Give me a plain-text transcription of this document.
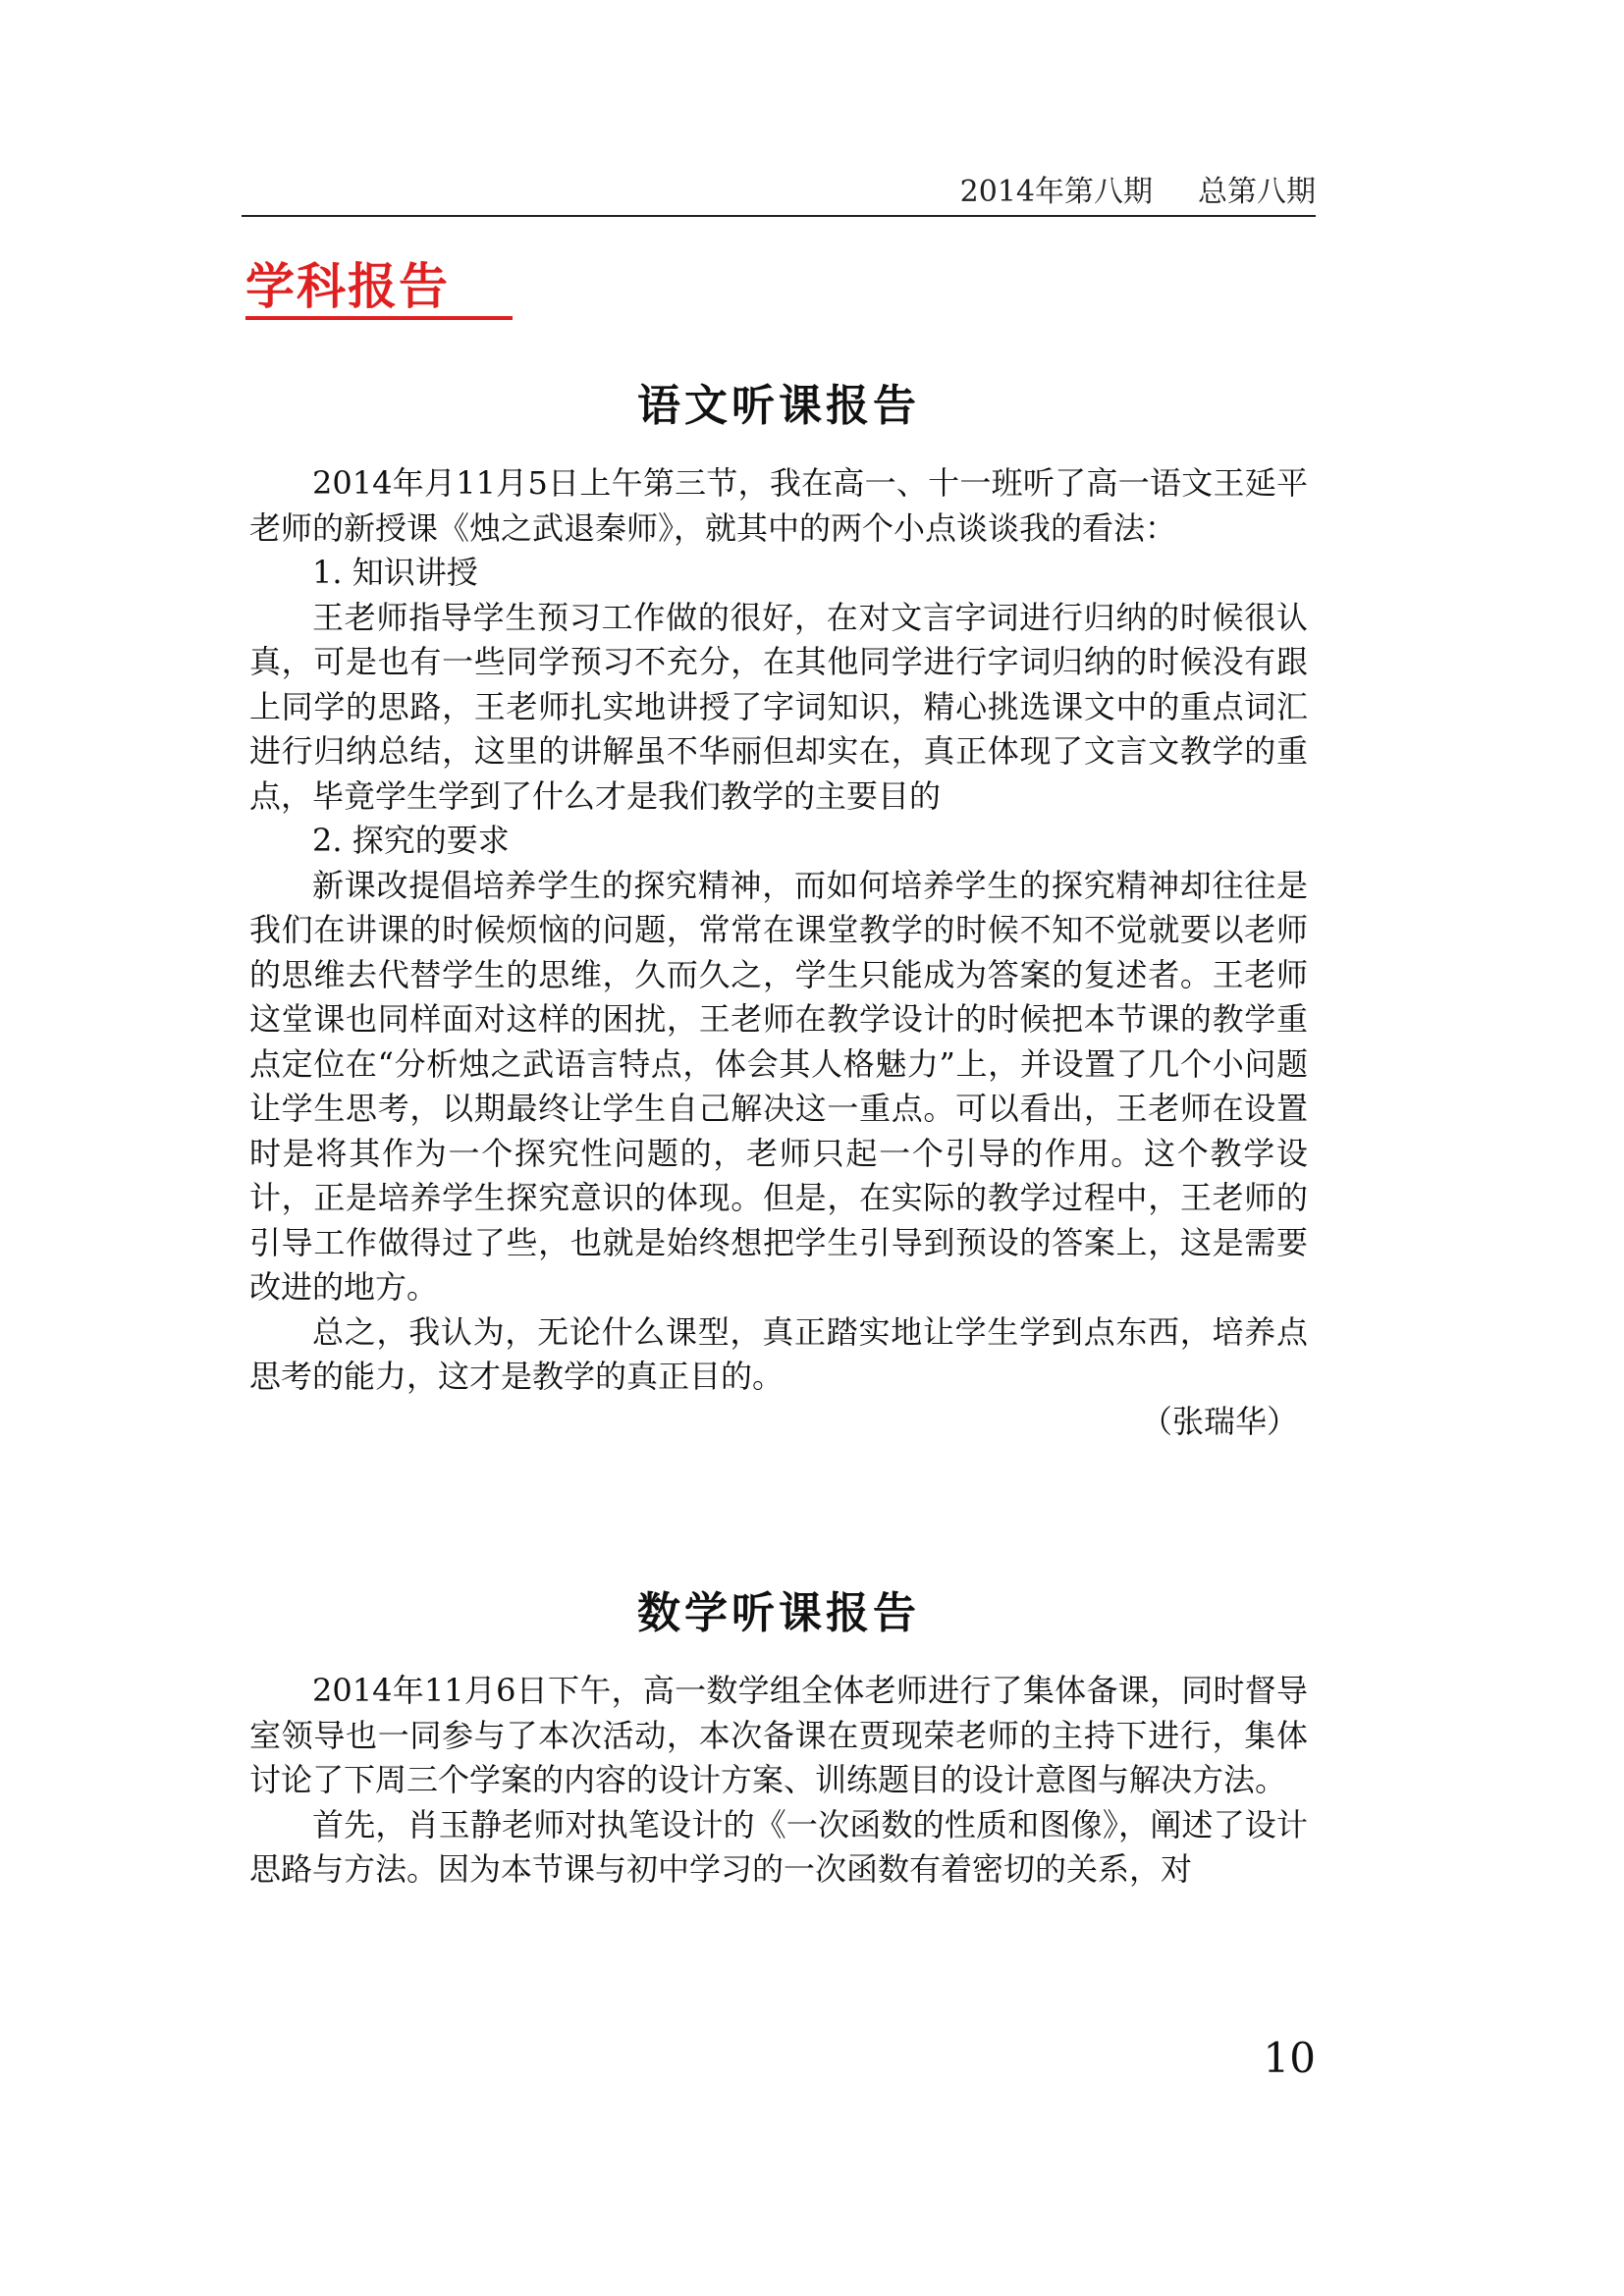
2014年第八期 总第八期
学科报告
语文听课报告

2014年月11月5日上午第三节，我在高一、十一班听了高一语文王延平老师的新授课《烛之武退秦师》，就其中的两个小点谈谈我的看法：

1. 知识讲授

王老师指导学生预习工作做的很好，在对文言字词进行归纳的时候很认真，可是也有一些同学预习不充分，在其他同学进行字词归纳的时候没有跟上同学的思路，王老师扎实地讲授了字词知识，精心挑选课文中的重点词汇进行归纳总结，这里的讲解虽不华丽但却实在，真正体现了文言文教学的重点，毕竟学生学到了什么才是我们教学的主要目的

2. 探究的要求

新课改提倡培养学生的探究精神，而如何培养学生的探究精神却往往是我们在讲课的时候烦恼的问题，常常在课堂教学的时候不知不觉就要以老师的思维去代替学生的思维，久而久之，学生只能成为答案的复述者。王老师这堂课也同样面对这样的困扰，王老师在教学设计的时候把本节课的教学重点定位在“分析烛之武语言特点，体会其人格魅力”上，并设置了几个小问题让学生思考，以期最终让学生自己解决这一重点。可以看出，王老师在设置时是将其作为一个探究性问题的，老师只起一个引导的作用。这个教学设计，正是培养学生探究意识的体现。但是，在实际的教学过程中，王老师的引导工作做得过了些，也就是始终想把学生引导到预设的答案上，这是需要改进的地方。

总之，我认为，无论什么课型，真正踏实地让学生学到点东西，培养点思考的能力，这才是教学的真正目的。

（张瑞华）

数学听课报告

2014年11月6日下午，高一数学组全体老师进行了集体备课，同时督导室领导也一同参与了本次活动，本次备课在贾现荣老师的主持下进行，集体讨论了下周三个学案的内容的设计方案、训练题目的设计意图与解决方法。

首先，肖玉静老师对执笔设计的《一次函数的性质和图像》，阐述了设计思路与方法。因为本节课与初中学习的一次函数有着密切的关系，对

10
